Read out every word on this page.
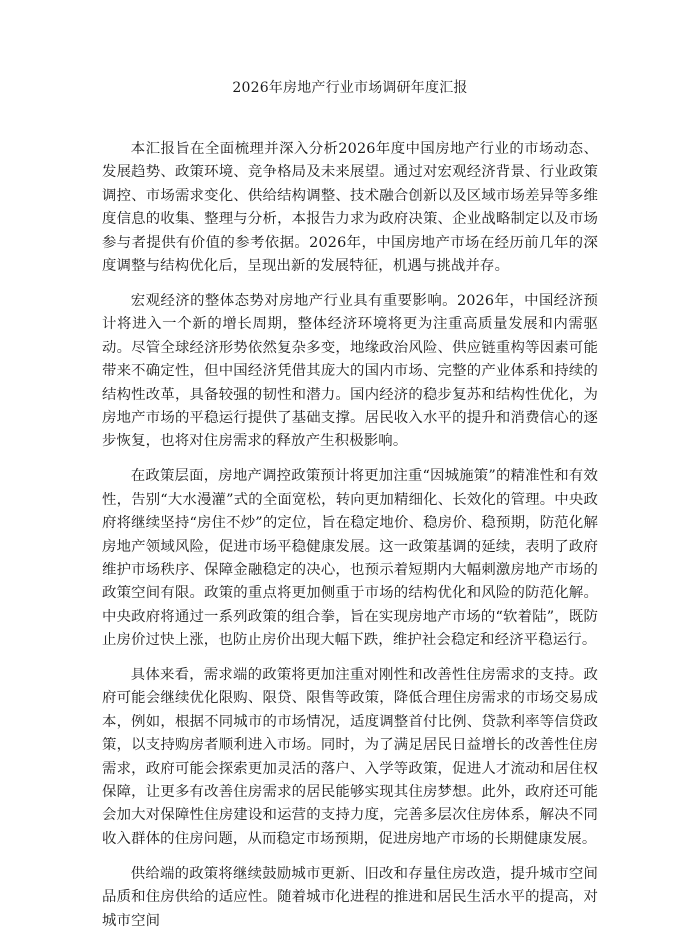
2026年房地产行业市场调研年度汇报

本汇报旨在全面梳理并深入分析2026年度中国房地产行业的市场动态、发展趋势、政策环境、竞争格局及未来展望。通过对宏观经济背景、行业政策调控、市场需求变化、供给结构调整、技术融合创新以及区域市场差异等多维度信息的收集、整理与分析，本报告力求为政府决策、企业战略制定以及市场参与者提供有价值的参考依据。2026年，中国房地产市场在经历前几年的深度调整与结构优化后，呈现出新的发展特征，机遇与挑战并存。

宏观经济的整体态势对房地产行业具有重要影响。2026年，中国经济预计将进入一个新的增长周期，整体经济环境将更为注重高质量发展和内需驱动。尽管全球经济形势依然复杂多变，地缘政治风险、供应链重构等因素可能带来不确定性，但中国经济凭借其庞大的国内市场、完整的产业体系和持续的结构性改革，具备较强的韧性和潜力。国内经济的稳步复苏和结构性优化，为房地产市场的平稳运行提供了基础支撑。居民收入水平的提升和消费信心的逐步恢复，也将对住房需求的释放产生积极影响。

在政策层面，房地产调控政策预计将更加注重“因城施策”的精准性和有效性，告别“大水漫灌”式的全面宽松，转向更加精细化、长效化的管理。中央政府将继续坚持“房住不炒”的定位，旨在稳定地价、稳房价、稳预期，防范化解房地产领域风险，促进市场平稳健康发展。这一政策基调的延续，表明了政府维护市场秩序、保障金融稳定的决心，也预示着短期内大幅刺激房地产市场的政策空间有限。政策的重点将更加侧重于市场的结构优化和风险的防范化解。中央政府将通过一系列政策的组合拳，旨在实现房地产市场的“软着陆”，既防止房价过快上涨，也防止房价出现大幅下跌，维护社会稳定和经济平稳运行。

具体来看，需求端的政策将更加注重对刚性和改善性住房需求的支持。政府可能会继续优化限购、限贷、限售等政策，降低合理住房需求的市场交易成本，例如，根据不同城市的市场情况，适度调整首付比例、贷款利率等信贷政策，以支持购房者顺利进入市场。同时，为了满足居民日益增长的改善性住房需求，政府可能会探索更加灵活的落户、入学等政策，促进人才流动和居住权保障，让更多有改善住房需求的居民能够实现其住房梦想。此外，政府还可能会加大对保障性住房建设和运营的支持力度，完善多层次住房体系，解决不同收入群体的住房问题，从而稳定市场预期，促进房地产市场的长期健康发展。

供给端的政策将继续鼓励城市更新、旧改和存量住房改造，提升城市空间品质和住房供给的适应性。随着城市化进程的推进和居民生活水平的提高，对城市空间
